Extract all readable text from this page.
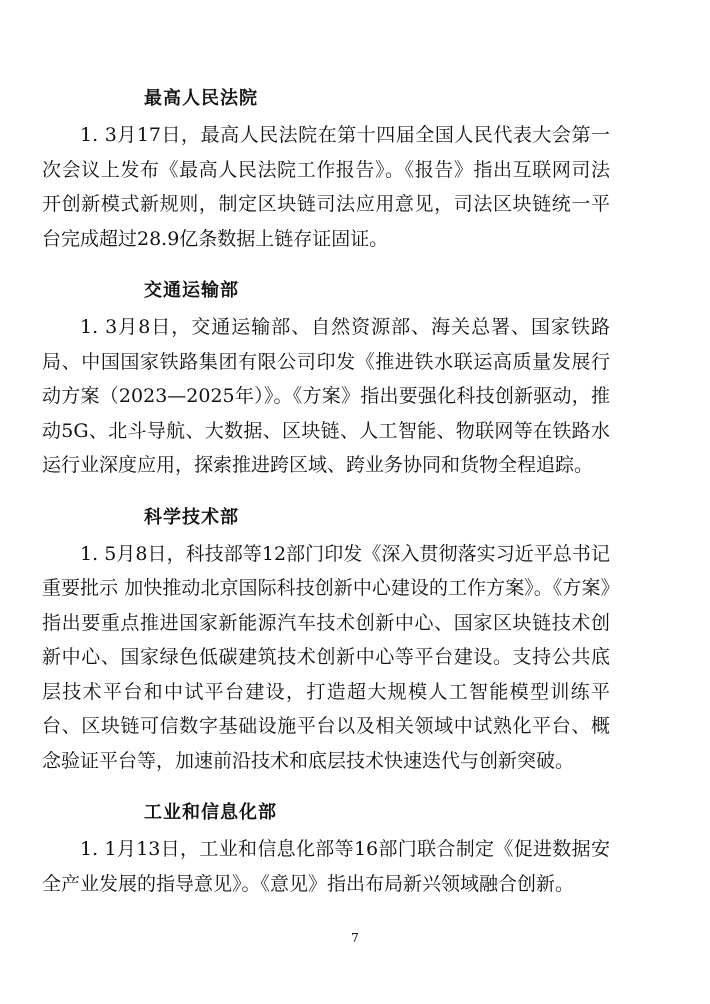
最高人民法院

1. 3月17日，最高人民法院在第十四届全国人民代表大会第一次会议上发布《最高人民法院工作报告》。《报告》指出互联网司法开创新模式新规则，制定区块链司法应用意见，司法区块链统一平台完成超过28.9亿条数据上链存证固证。

交通运输部

1. 3月8日，交通运输部、自然资源部、海关总署、国家铁路局、中国国家铁路集团有限公司印发《推进铁水联运高质量发展行动方案（2023—2025年）》。《方案》指出要强化科技创新驱动，推动5G、北斗导航、大数据、区块链、人工智能、物联网等在铁路水运行业深度应用，探索推进跨区域、跨业务协同和货物全程追踪。

科学技术部

1. 5月8日，科技部等12部门印发《深入贯彻落实习近平总书记重要批示 加快推动北京国际科技创新中心建设的工作方案》。《方案》指出要重点推进国家新能源汽车技术创新中心、国家区块链技术创新中心、国家绿色低碳建筑技术创新中心等平台建设。支持公共底层技术平台和中试平台建设，打造超大规模人工智能模型训练平台、区块链可信数字基础设施平台以及相关领域中试熟化平台、概念验证平台等，加速前沿技术和底层技术快速迭代与创新突破。

工业和信息化部

1. 1月13日，工业和信息化部等16部门联合制定《促进数据安全产业发展的指导意见》。《意见》指出布局新兴领域融合创新。

7
